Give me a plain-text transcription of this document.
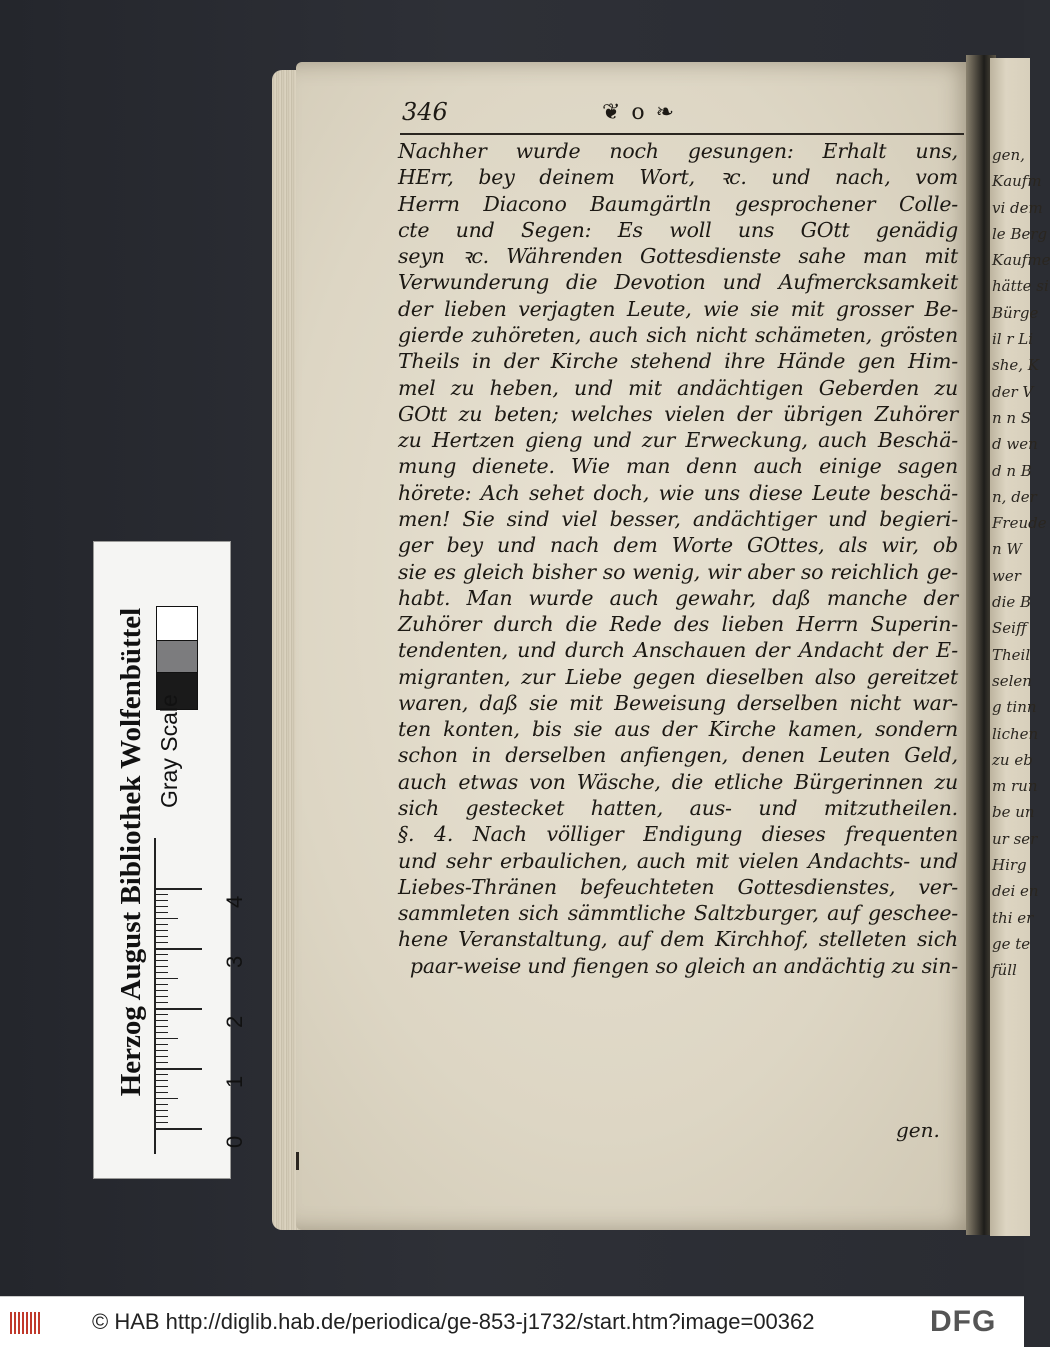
gen,
Kaufm
vi dem
le Berg
Kaufme
hätte si
Bürge
il r Li
she, K
der V
n n S
d wen
d n B
n, der
Freude
n W
wer
die B
Seiff
Theil
selen
g tinn
lichen
zu eb
m run
be un
ur ser
Hirg
dei en
thi er
ge te
füll
346	❦ o ❧
Nachher wurde noch gesungen: Erhalt uns,
HErr, bey deinem Wort, ꝛc. und nach, vom
Herrn Diacono Baumgärtln gesprochener Colle-
cte und Segen: Es woll uns GOtt genädig
seyn ꝛc. Währenden Gottesdienste sahe man mit
Verwunderung die Devotion und Aufmercksamkeit
der lieben verjagten Leute, wie sie mit grosser Be-
gierde zuhöreten, auch sich nicht schämeten, grösten
Theils in der Kirche stehend ihre Hände gen Him-
mel zu heben, und mit andächtigen Geberden zu
GOtt zu beten; welches vielen der übrigen Zuhörer
zu Hertzen gieng und zur Erweckung, auch Beschä-
mung dienete. Wie man denn auch einige sagen
hörete: Ach sehet doch, wie uns diese Leute beschä-
men! Sie sind viel besser, andächtiger und begieri-
ger bey und nach dem Worte GOttes, als wir, ob
sie es gleich bisher so wenig, wir aber so reichlich ge-
habt. Man wurde auch gewahr, daß manche der
Zuhörer durch die Rede des lieben Herrn Superin-
tendenten, und durch Anschauen der Andacht der E-
migranten, zur Liebe gegen dieselben also gereitzet
waren, daß sie mit Beweisung derselben nicht war-
ten konten, bis sie aus der Kirche kamen, sondern
schon in derselben anfiengen, denen Leuten Geld,
auch etwas von Wäsche, die etliche Bürgerinnen zu
sich gestecket hatten, aus- und mitzutheilen.
§. 4. Nach völliger Endigung dieses frequenten
und sehr erbaulichen, auch mit vielen Andachts- und
Liebes-Thränen befeuchteten Gottesdienstes, ver-
sammleten sich sämmtliche Saltzburger, auf geschee-
hene Veranstaltung, auf dem Kirchhof, stelleten sich
paar-weise und fiengen so gleich an andächtig zu sin-
gen.
Herzog August Bibliothek Wolfenbüttel Gray Scale
0
1
2
3
4
© HAB http://diglib.hab.de/periodica/ge-853-j1732/start.htm?image=00362	DFG
